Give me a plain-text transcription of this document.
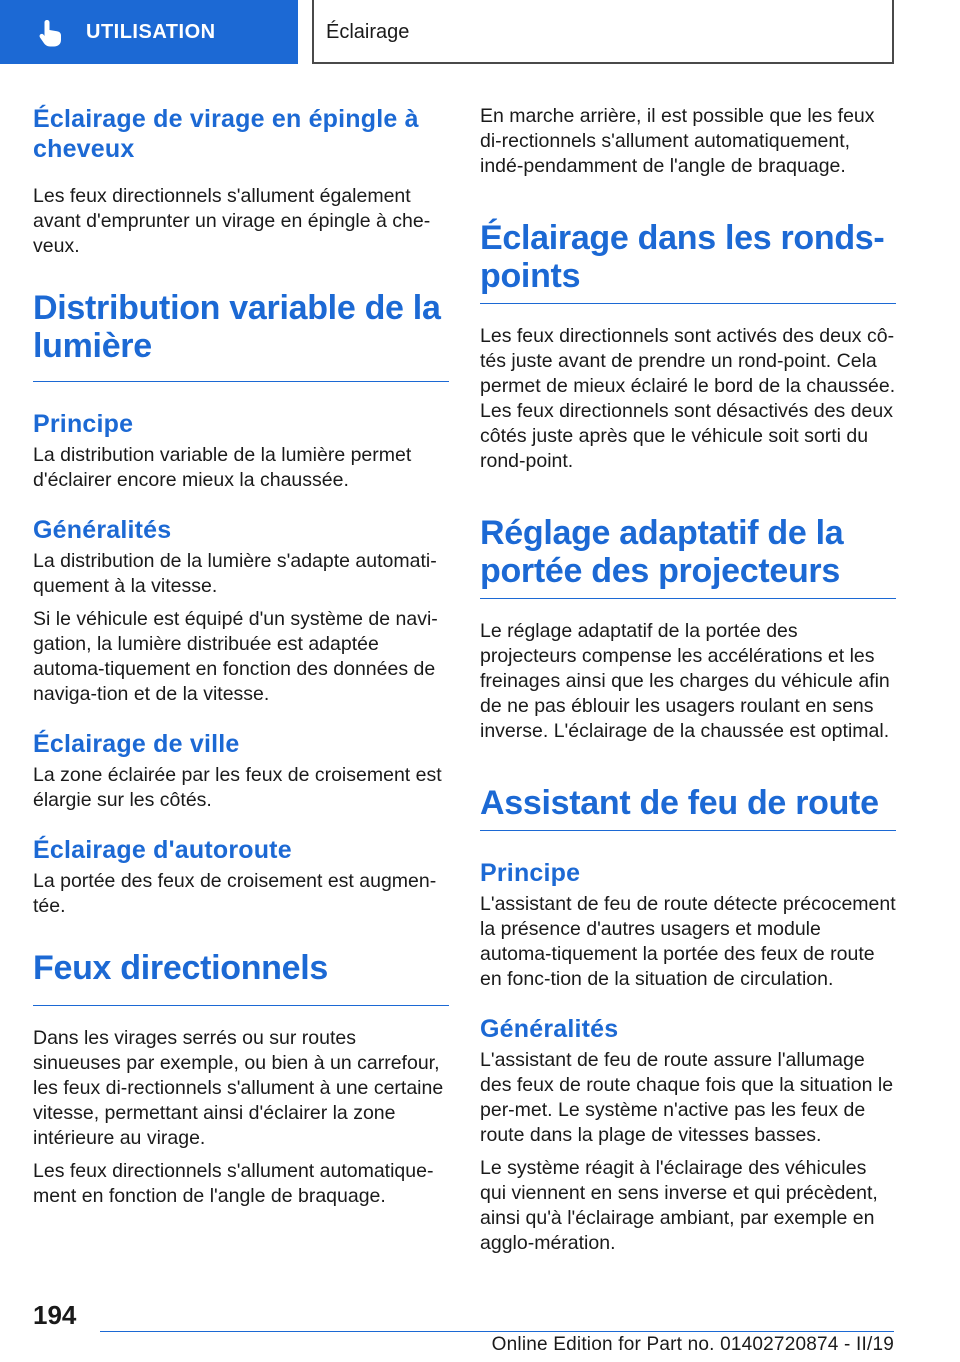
UTILISATION	Éclairage
Éclairage de virage en épingle à cheveux

Les feux directionnels s'allument également avant d'emprunter un virage en épingle à che-veux.

Distribution variable de la lumière
Principe

La distribution variable de la lumière permet d'éclairer encore mieux la chaussée.

Généralités

La distribution de la lumière s'adapte automati-quement à la vitesse.

Si le véhicule est équipé d'un système de navi-gation, la lumière distribuée est adaptée automa-tiquement en fonction des données de naviga-tion et de la vitesse.

Éclairage de ville

La zone éclairée par les feux de croisement est élargie sur les côtés.

Éclairage d'autoroute

La portée des feux de croisement est augmen-tée.

Feux directionnels

Dans les virages serrés ou sur routes sinueuses par exemple, ou bien à un carrefour, les feux di-rectionnels s'allument à une certaine vitesse, permettant ainsi d'éclairer la zone intérieure au virage.

Les feux directionnels s'allument automatique-ment en fonction de l'angle de braquage.

En marche arrière, il est possible que les feux di-rectionnels s'allument automatiquement, indé-pendamment de l'angle de braquage.

Éclairage dans les ronds-points

Les feux directionnels sont activés des deux cô-tés juste avant de prendre un rond-point. Cela permet de mieux éclairé le bord de la chaussée. Les feux directionnels sont désactivés des deux côtés juste après que le véhicule soit sorti du rond-point.

Réglage adaptatif de la portée des projecteurs

Le réglage adaptatif de la portée des projecteurs compense les accélérations et les freinages ainsi que les charges du véhicule afin de ne pas éblouir les usagers roulant en sens inverse. L'éclairage de la chaussée est optimal.

Assistant de feu de route
Principe

L'assistant de feu de route détecte précocement la présence d'autres usagers et module automa-tiquement la portée des feux de route en fonc-tion de la situation de circulation.

Généralités

L'assistant de feu de route assure l'allumage des feux de route chaque fois que la situation le per-met. Le système n'active pas les feux de route dans la plage de vitesses basses.

Le système réagit à l'éclairage des véhicules qui viennent en sens inverse et qui précèdent, ainsi qu'à l'éclairage ambiant, par exemple en agglo-mération.

194
Online Edition for Part no. 01402720874 - II/19
